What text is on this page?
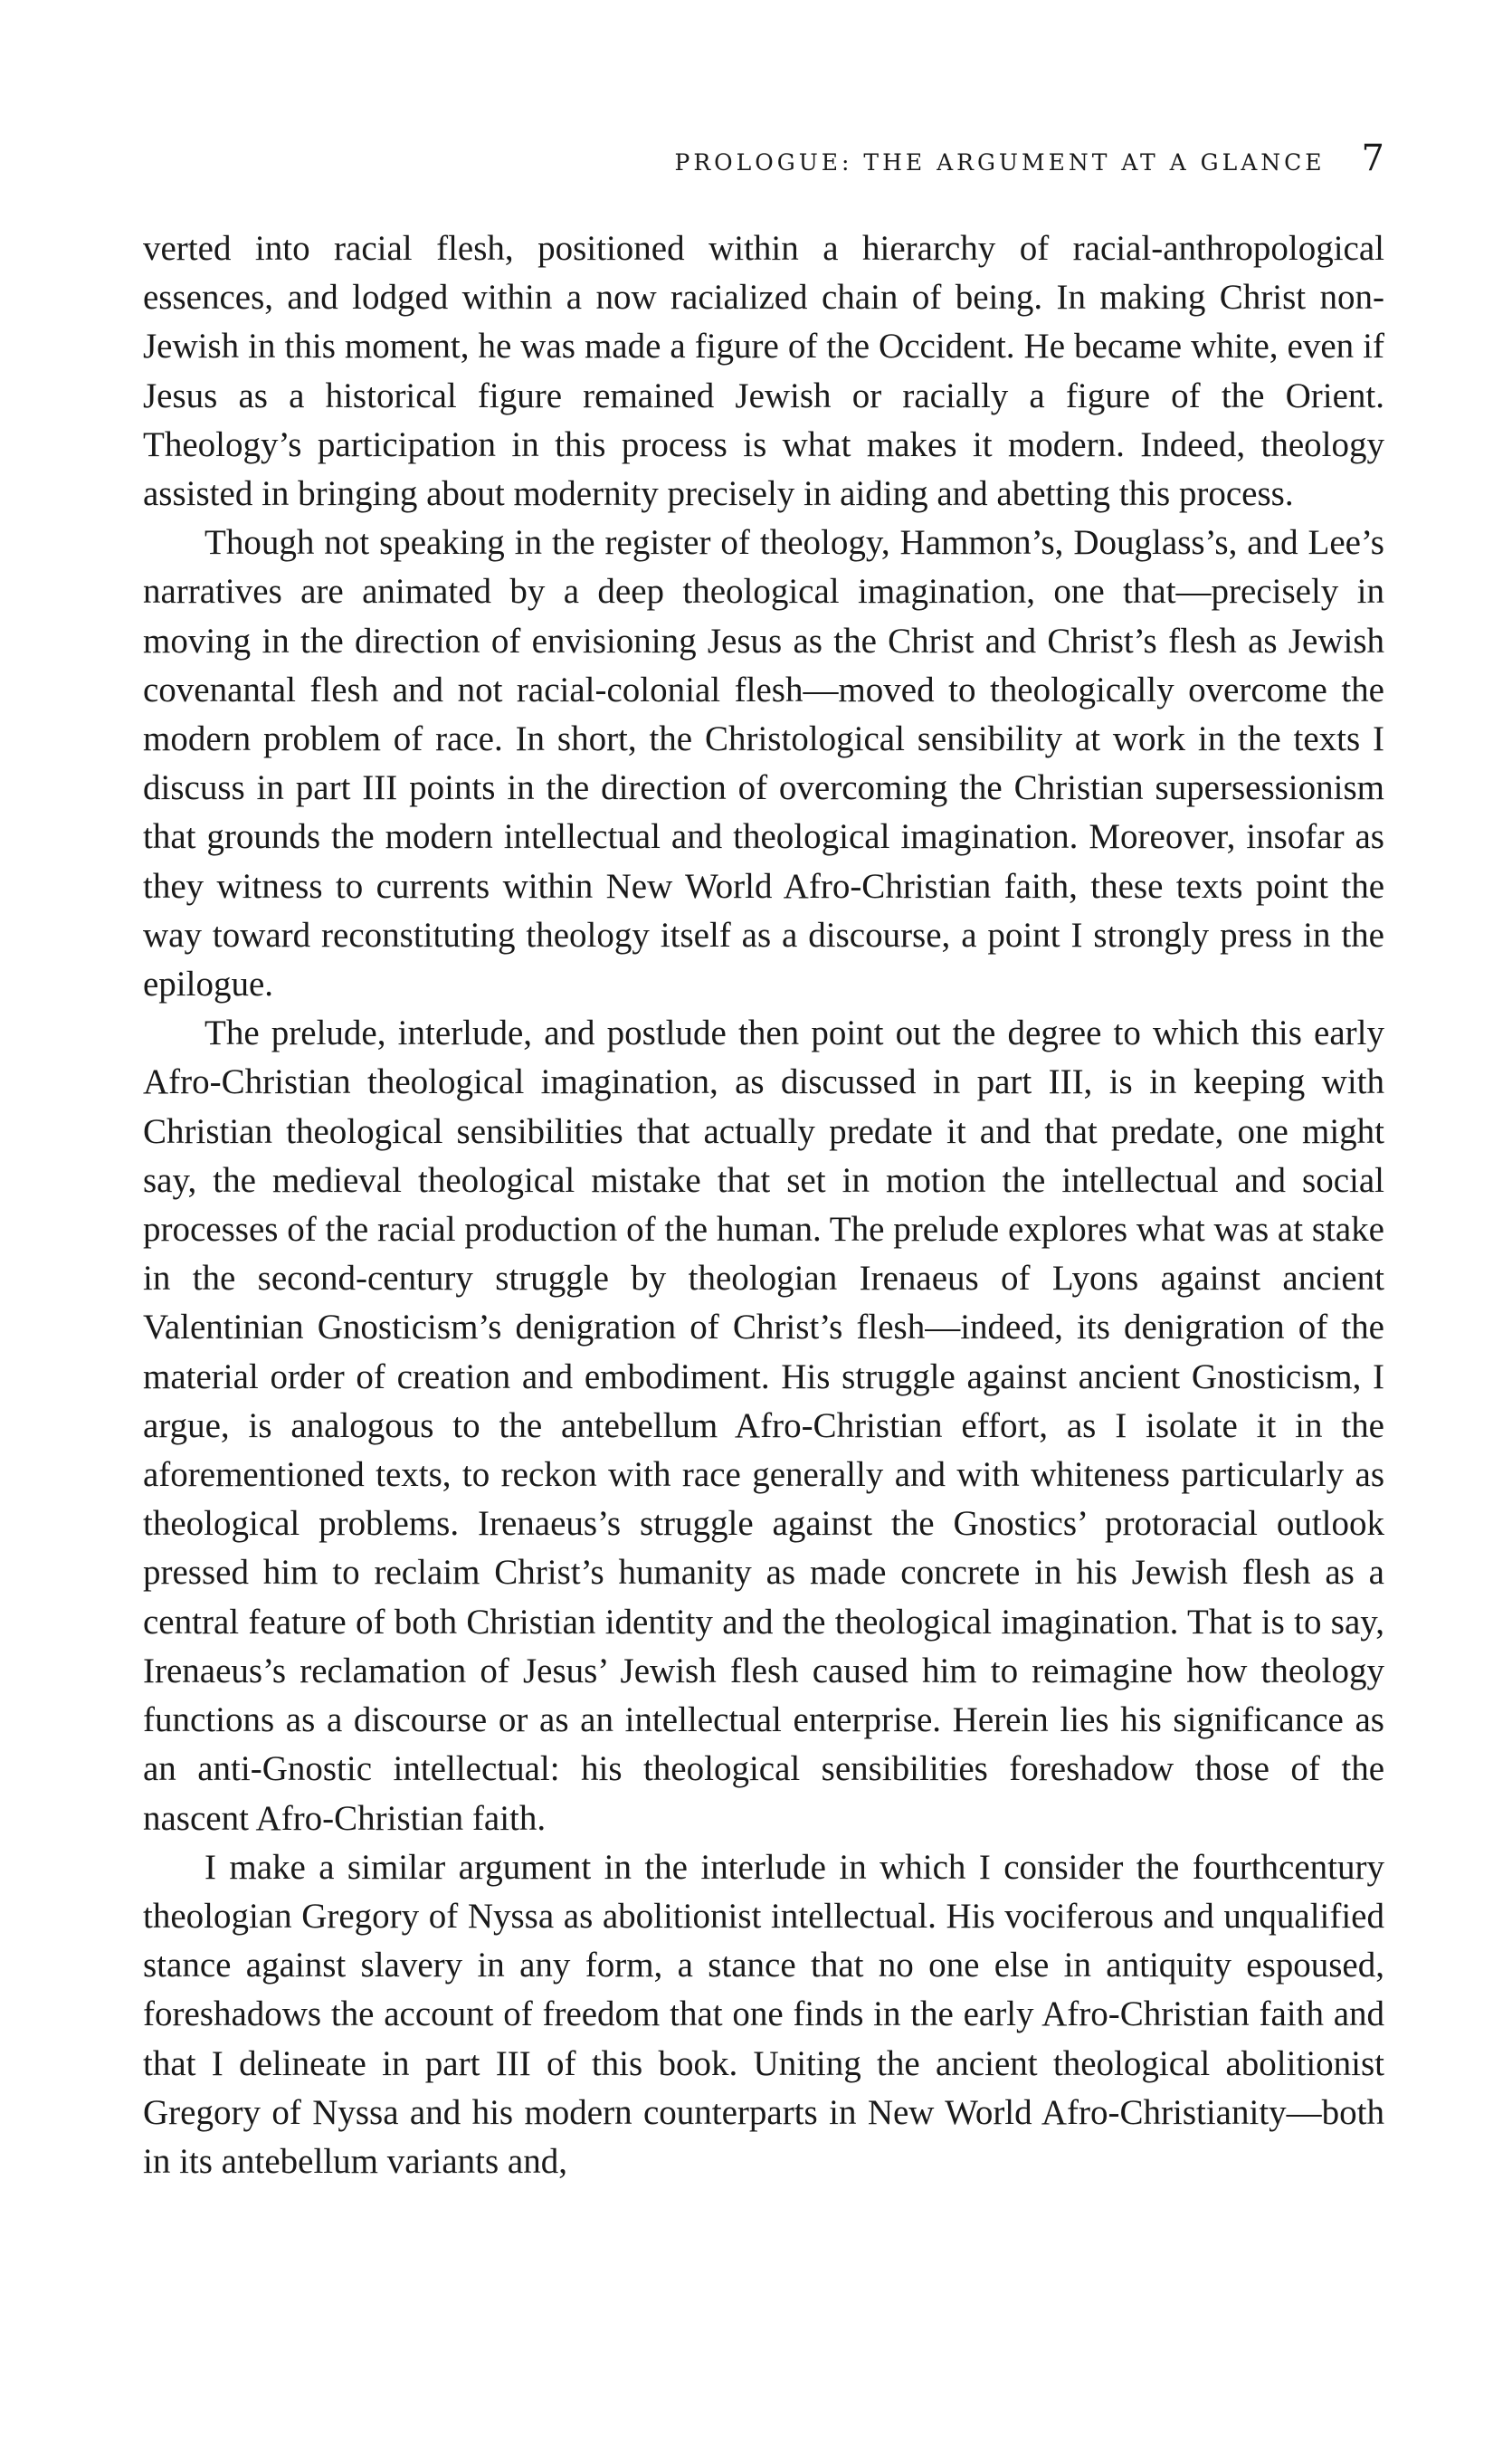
PROLOGUE: THE ARGUMENT AT A GLANCE 7

verted into racial flesh, positioned within a hierarchy of racial-anthropological essences, and lodged within a now racialized chain of being. In making Christ non-Jewish in this moment, he was made a figure of the Occident. He became white, even if Jesus as a historical figure remained Jewish or racially a figure of the Orient. Theology’s participation in this process is what makes it modern. Indeed, theology assisted in bringing about modernity precisely in aiding and abetting this process.

Though not speaking in the register of theology, Hammon’s, Douglass’s, and Lee’s narratives are animated by a deep theological imagination, one that—precisely in moving in the direction of envisioning Jesus as the Christ and Christ’s flesh as Jewish covenantal flesh and not racial-colonial flesh—moved to theologically overcome the modern problem of race. In short, the Christological sensibility at work in the texts I discuss in part III points in the direction of overcoming the Christian supersessionism that grounds the modern intellectual and theological imagination. Moreover, insofar as they witness to currents within New World Afro-Christian faith, these texts point the way toward reconstituting theology itself as a discourse, a point I strongly press in the epilogue.

The prelude, interlude, and postlude then point out the degree to which this early Afro-Christian theological imagination, as discussed in part III, is in keeping with Christian theological sensibilities that actually predate it and that predate, one might say, the medieval theological mistake that set in motion the intellectual and social processes of the racial production of the human. The prelude explores what was at stake in the second-century struggle by theologian Irenaeus of Lyons against ancient Valentinian Gnosticism’s denigration of Christ’s flesh—indeed, its denigration of the material order of creation and embodiment. His struggle against ancient Gnosticism, I argue, is analogous to the antebellum Afro-Christian effort, as I isolate it in the aforementioned texts, to reckon with race generally and with whiteness particularly as theological problems. Irenaeus’s struggle against the Gnostics’ protoracial outlook pressed him to reclaim Christ’s humanity as made concrete in his Jewish flesh as a central feature of both Christian identity and the theological imagination. That is to say, Irenaeus’s reclamation of Jesus’ Jewish flesh caused him to reimagine how theology functions as a discourse or as an intellectual enterprise. Herein lies his significance as an anti-Gnostic intellectual: his theological sensibilities foreshadow those of the nascent Afro-Christian faith.

I make a similar argument in the interlude in which I consider the fourthcentury theologian Gregory of Nyssa as abolitionist intellectual. His vociferous and unqualified stance against slavery in any form, a stance that no one else in antiquity espoused, foreshadows the account of freedom that one finds in the early Afro-Christian faith and that I delineate in part III of this book. Uniting the ancient theological abolitionist Gregory of Nyssa and his modern counterparts in New World Afro-Christianity—both in its antebellum variants and,
